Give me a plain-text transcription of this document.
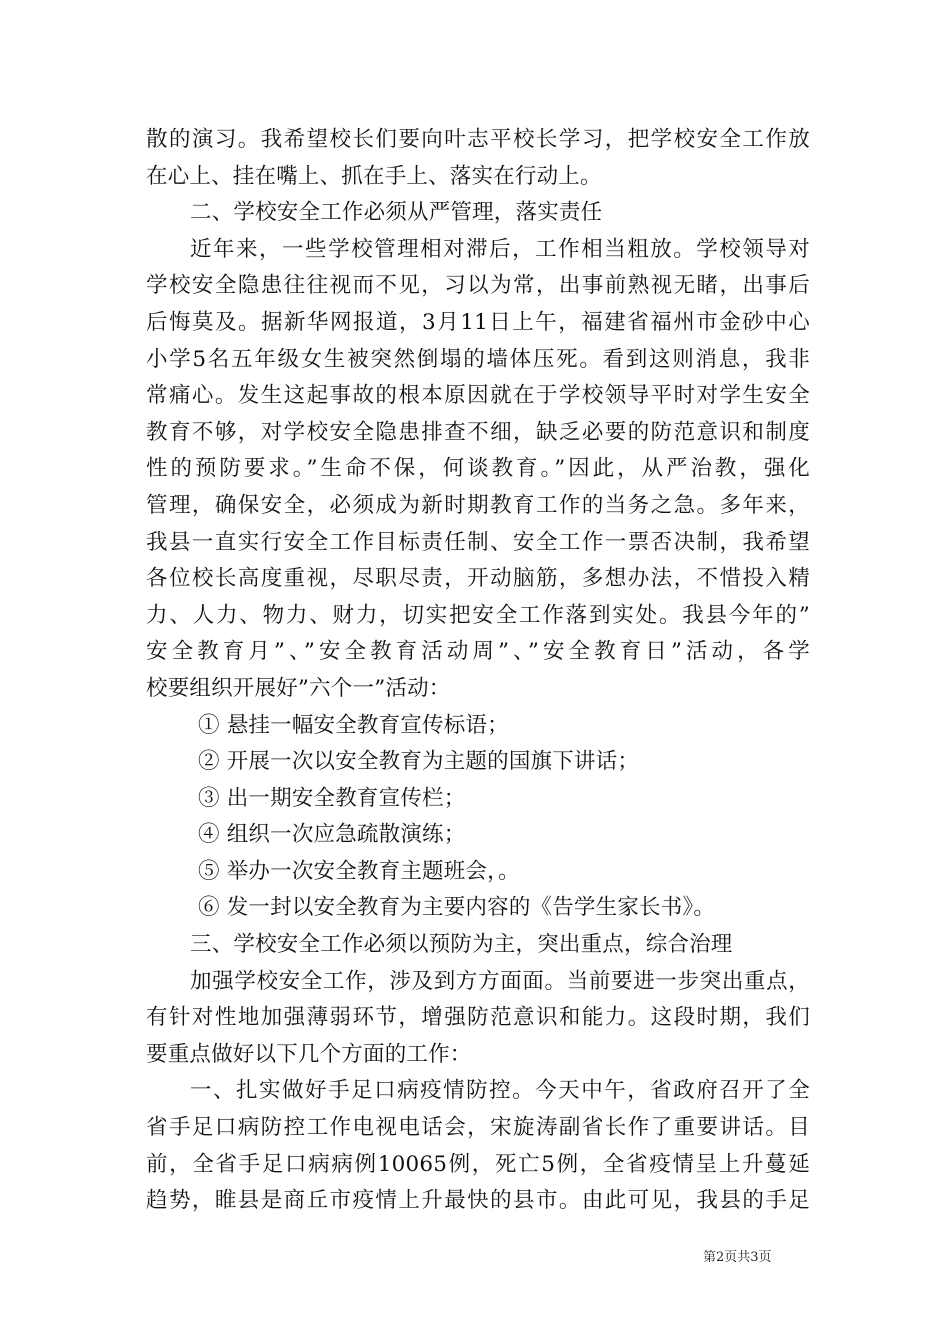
散的演习。我希望校长们要向叶志平校长学习，把学校安全工作放
在心上、挂在嘴上、抓在手上、落实在行动上。
二、学校安全工作必须从严管理，落实责任
近年来，一些学校管理相对滞后，工作相当粗放。学校领导对
学校安全隐患往往视而不见，习以为常，出事前熟视无睹，出事后
后悔莫及。据新华网报道，3月11日上午，福建省福州市金砂中心
小学5名五年级女生被突然倒塌的墙体压死。看到这则消息，我非
常痛心。发生这起事故的根本原因就在于学校领导平时对学生安全
教育不够，对学校安全隐患排查不细，缺乏必要的防范意识和制度
性的预防要求。”生命不保，何谈教育。”因此，从严治教，强化
管理，确保安全，必须成为新时期教育工作的当务之急。多年来，
我县一直实行安全工作目标责任制、安全工作一票否决制，我希望
各位校长高度重视，尽职尽责，开动脑筋，多想办法，不惜投入精
力、人力、物力、财力，切实把安全工作落到实处。我县今年的”
安全教育月”、”安全教育活动周”、”安全教育日”活动，各学
校要组织开展好”六个一”活动：
① 悬挂一幅安全教育宣传标语；
② 开展一次以安全教育为主题的国旗下讲话；
③ 出一期安全教育宣传栏；
④ 组织一次应急疏散演练；
⑤ 举办一次安全教育主题班会，。
⑥ 发一封以安全教育为主要内容的《告学生家长书》。
三、学校安全工作必须以预防为主，突出重点，综合治理
加强学校安全工作，涉及到方方面面。当前要进一步突出重点，
有针对性地加强薄弱环节，增强防范意识和能力。这段时期，我们
要重点做好以下几个方面的工作：
一、扎实做好手足口病疫情防控。今天中午，省政府召开了全
省手足口病防控工作电视电话会，宋旋涛副省长作了重要讲话。目
前，全省手足口病病例10065例，死亡5例，全省疫情呈上升蔓延
趋势，睢县是商丘市疫情上升最快的县市。由此可见，我县的手足
第2页共3页
